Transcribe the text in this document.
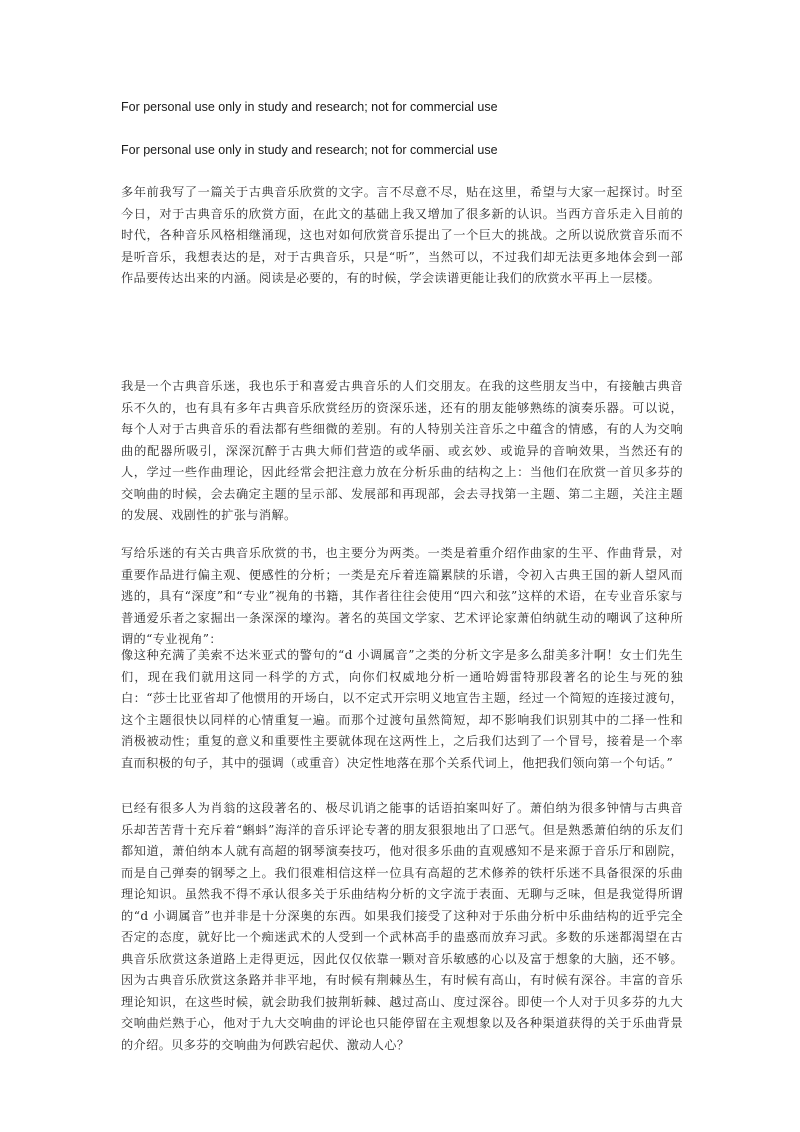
For personal use only in study and research; not for commercial use
For personal use only in study and research; not for commercial use

多年前我写了一篇关于古典音乐欣赏的文字。言不尽意不尽，贴在这里，希望与大家一起探讨。时至今日，对于古典音乐的欣赏方面，在此文的基础上我又增加了很多新的认识。当西方音乐走入目前的时代，各种音乐风格相继涌现，这也对如何欣赏音乐提出了一个巨大的挑战。之所以说欣赏音乐而不是听音乐，我想表达的是，对于古典音乐，只是“听”，当然可以，不过我们却无法更多地体会到一部作品要传达出来的内涵。阅读是必要的，有的时候，学会读谱更能让我们的欣赏水平再上一层楼。

我是一个古典音乐迷，我也乐于和喜爱古典音乐的人们交朋友。在我的这些朋友当中，有接触古典音乐不久的，也有具有多年古典音乐欣赏经历的资深乐迷，还有的朋友能够熟练的演奏乐器。可以说，每个人对于古典音乐的看法都有些细微的差别。有的人特别关注音乐之中蕴含的情感，有的人为交响曲的配器所吸引，深深沉醉于古典大师们营造的或华丽、或玄妙、或诡异的音响效果，当然还有的人，学过一些作曲理论，因此经常会把注意力放在分析乐曲的结构之上：当他们在欣赏一首贝多芬的交响曲的时候，会去确定主题的呈示部、发展部和再现部，会去寻找第一主题、第二主题，关注主题的发展、戏剧性的扩张与消解。

写给乐迷的有关古典音乐欣赏的书，也主要分为两类。一类是着重介绍作曲家的生平、作曲背景，对重要作品进行偏主观、便感性的分析；一类是充斥着连篇累牍的乐谱，令初入古典王国的新人望风而逃的，具有“深度”和“专业”视角的书籍，其作者往往会使用“四六和弦”这样的术语，在专业音乐家与普通爱乐者之家掘出一条深深的壕沟。著名的英国文学家、艺术评论家萧伯纳就生动的嘲讽了这种所谓的“专业视角”：

像这种充满了美索不达米亚式的警句的“d 小调属音”之类的分析文字是多么甜美多汁啊！女士们先生们，现在我们就用这同一科学的方式，向你们权威地分析一通哈姆雷特那段著名的论生与死的独白：“莎士比亚省却了他惯用的开场白，以不定式开宗明义地宣告主题，经过一个简短的连接过渡句，这个主题很快以同样的心情重复一遍。而那个过渡句虽然简短，却不影响我们识别其中的二择一性和消极被动性；重复的意义和重要性主要就体现在这两性上，之后我们达到了一个冒号，接着是一个率直而积极的句子，其中的强调（或重音）决定性地落在那个关系代词上，他把我们领向第一个句话。”

已经有很多人为肖翁的这段著名的、极尽讥诮之能事的话语拍案叫好了。萧伯纳为很多钟情与古典音乐却苦苦背十充斥着“蝌蚪”海洋的音乐评论专著的朋友狠狠地出了口恶气。但是熟悉萧伯纳的乐友们都知道，萧伯纳本人就有高超的钢琴演奏技巧，他对很多乐曲的直观感知不是来源于音乐厅和剧院，而是自己弹奏的钢琴之上。我们很难相信这样一位具有高超的艺术修养的铁杆乐迷不具备很深的乐曲理论知识。虽然我不得不承认很多关于乐曲结构分析的文字流于表面、无聊与乏味，但是我觉得所谓的“d 小调属音”也并非是十分深奥的东西。如果我们接受了这种对于乐曲分析中乐曲结构的近乎完全否定的态度，就好比一个痴迷武术的人受到一个武林高手的蛊惑而放弃习武。多数的乐迷都渴望在古典音乐欣赏这条道路上走得更远，因此仅仅依靠一颗对音乐敏感的心以及富于想象的大脑，还不够。因为古典音乐欣赏这条路并非平地，有时候有荆棘丛生，有时候有高山，有时候有深谷。丰富的音乐理论知识，在这些时候，就会助我们披荆斩棘、越过高山、度过深谷。即使一个人对于贝多芬的九大交响曲烂熟于心，他对于九大交响曲的评论也只能停留在主观想象以及各种渠道获得的关于乐曲背景的介绍。贝多芬的交响曲为何跌宕起伏、激动人心？
